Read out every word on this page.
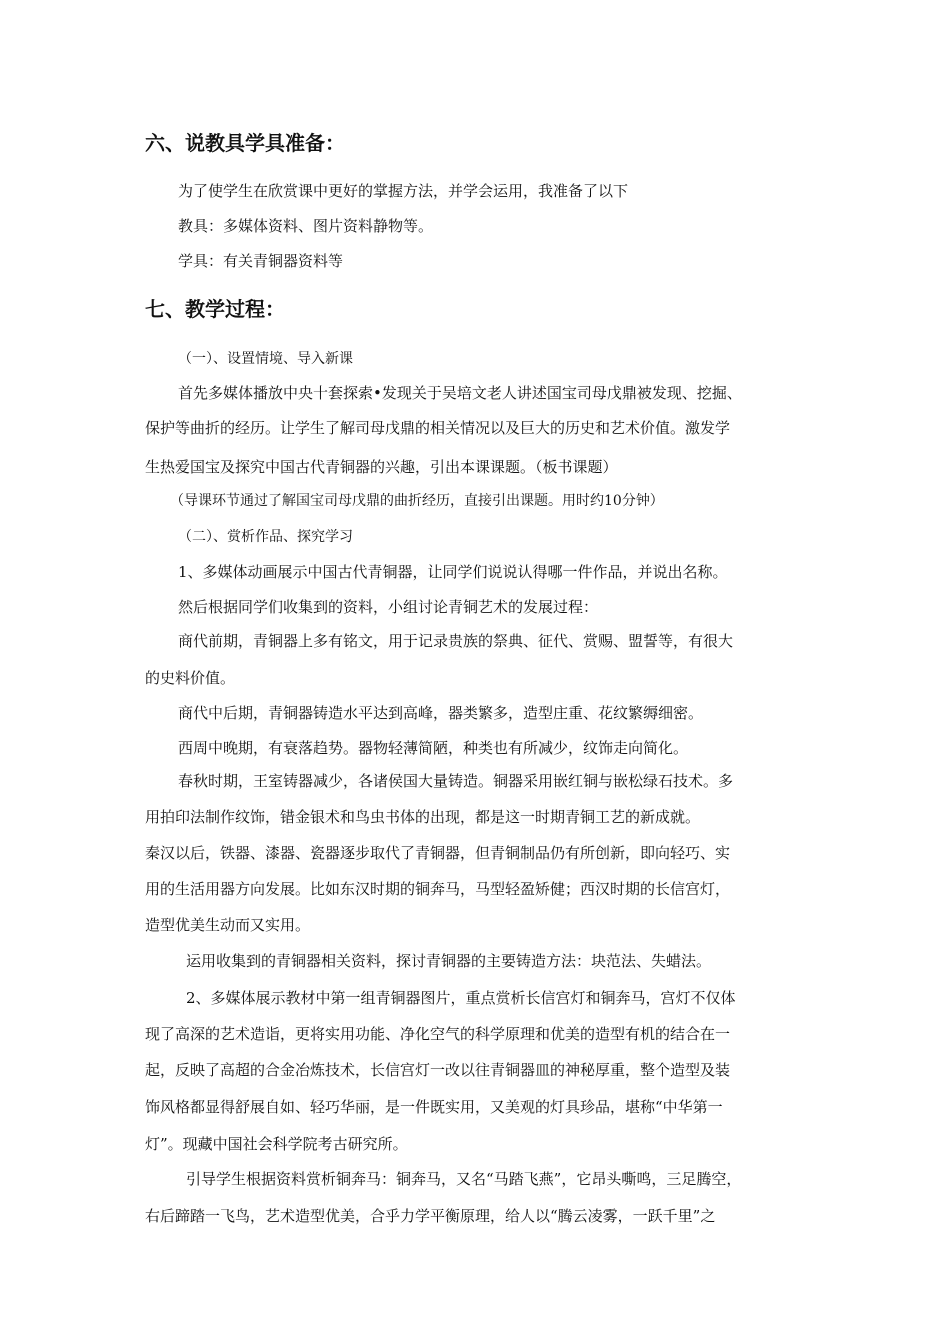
六、说教具学具准备：
为了使学生在欣赏课中更好的掌握方法，并学会运用，我准备了以下
教具：多媒体资料、图片资料静物等。
学具：有关青铜器资料等
七、教学过程：
（一）、设置情境、导入新课
首先多媒体播放中央十套探索•发现关于吴培文老人讲述国宝司母戊鼎被发现、挖掘、
保护等曲折的经历。让学生了解司母戊鼎的相关情况以及巨大的历史和艺术价值。激发学
生热爱国宝及探究中国古代青铜器的兴趣，引出本课课题。（板书课题）
（导课环节通过了解国宝司母戊鼎的曲折经历，直接引出课题。用时约10分钟）
（二）、赏析作品、探究学习
1、多媒体动画展示中国古代青铜器，让同学们说说认得哪一件作品，并说出名称。
然后根据同学们收集到的资料，小组讨论青铜艺术的发展过程：
商代前期，青铜器上多有铭文，用于记录贵族的祭典、征代、赏赐、盟誓等，有很大
的史料价值。
商代中后期，青铜器铸造水平达到高峰，器类繁多，造型庄重、花纹繁缛细密。
西周中晚期，有衰落趋势。器物轻薄简陋，种类也有所减少，纹饰走向简化。
春秋时期，王室铸器减少，各诸侯国大量铸造。铜器采用嵌红铜与嵌松绿石技术。多
用拍印法制作纹饰，错金银术和鸟虫书体的出现，都是这一时期青铜工艺的新成就。
秦汉以后，铁器、漆器、瓷器逐步取代了青铜器，但青铜制品仍有所创新，即向轻巧、实
用的生活用器方向发展。比如东汉时期的铜奔马，马型轻盈矫健；西汉时期的长信宫灯，
造型优美生动而又实用。
运用收集到的青铜器相关资料，探讨青铜器的主要铸造方法：块范法、失蜡法。
2、多媒体展示教材中第一组青铜器图片，重点赏析长信宫灯和铜奔马，宫灯不仅体
现了高深的艺术造诣，更将实用功能、净化空气的科学原理和优美的造型有机的结合在一
起，反映了高超的合金冶炼技术，长信宫灯一改以往青铜器皿的神秘厚重，整个造型及装
饰风格都显得舒展自如、轻巧华丽，是一件既实用，又美观的灯具珍品，堪称“中华第一
灯”。现藏中国社会科学院考古研究所。
引导学生根据资料赏析铜奔马：铜奔马，又名“马踏飞燕”，它昂头嘶鸣，三足腾空，
右后蹄踏一飞鸟，艺术造型优美，合乎力学平衡原理，给人以“腾云凌雾，一跃千里”之
